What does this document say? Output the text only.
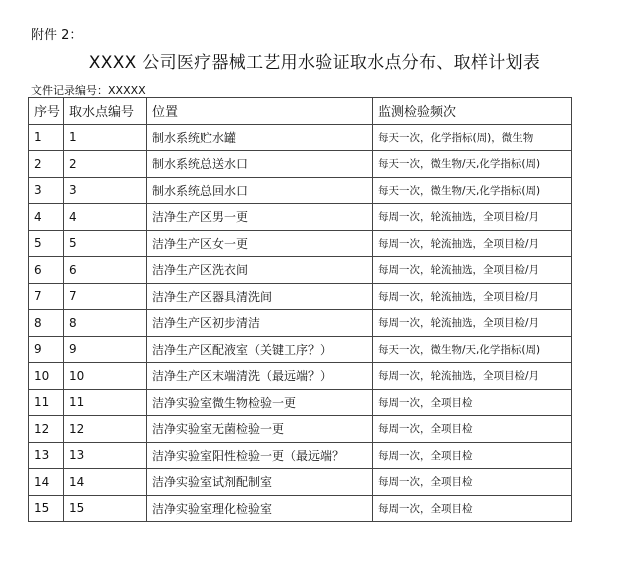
附件 2：
XXXX 公司医疗器械工艺用水验证取水点分布、取样计划表
文件记录编号：XXXXX
序号	取水点编号	位置	监测检验频次
1	1	制水系统贮水罐	每天一次，化学指标(周)，微生物
2	2	制水系统总送水口	每天一次，微生物/天,化学指标(周)
3	3	制水系统总回水口	每天一次，微生物/天,化学指标(周)
4	4	洁净生产区男一更	每周一次，轮流抽选，全项目检/月
5	5	洁净生产区女一更	每周一次，轮流抽选，全项目检/月
6	6	洁净生产区洗衣间	每周一次，轮流抽选，全项目检/月
7	7	洁净生产区器具清洗间	每周一次，轮流抽选，全项目检/月
8	8	洁净生产区初步清洁	每周一次，轮流抽选，全项目检/月
9	9	洁净生产区配液室（关键工序？）	每天一次，微生物/天,化学指标(周)
10	10	洁净生产区末端清洗（最远端？）	每周一次，轮流抽选，全项目检/月
11	11	洁净实验室微生物检验一更	每周一次，全项目检
12	12	洁净实验室无菌检验一更	每周一次，全项目检
13	13	洁净实验室阳性检验一更（最远端？	每周一次，全项目检
14	14	洁净实验室试剂配制室	每周一次，全项目检
15	15	洁净实验室理化检验室	每周一次，全项目检
